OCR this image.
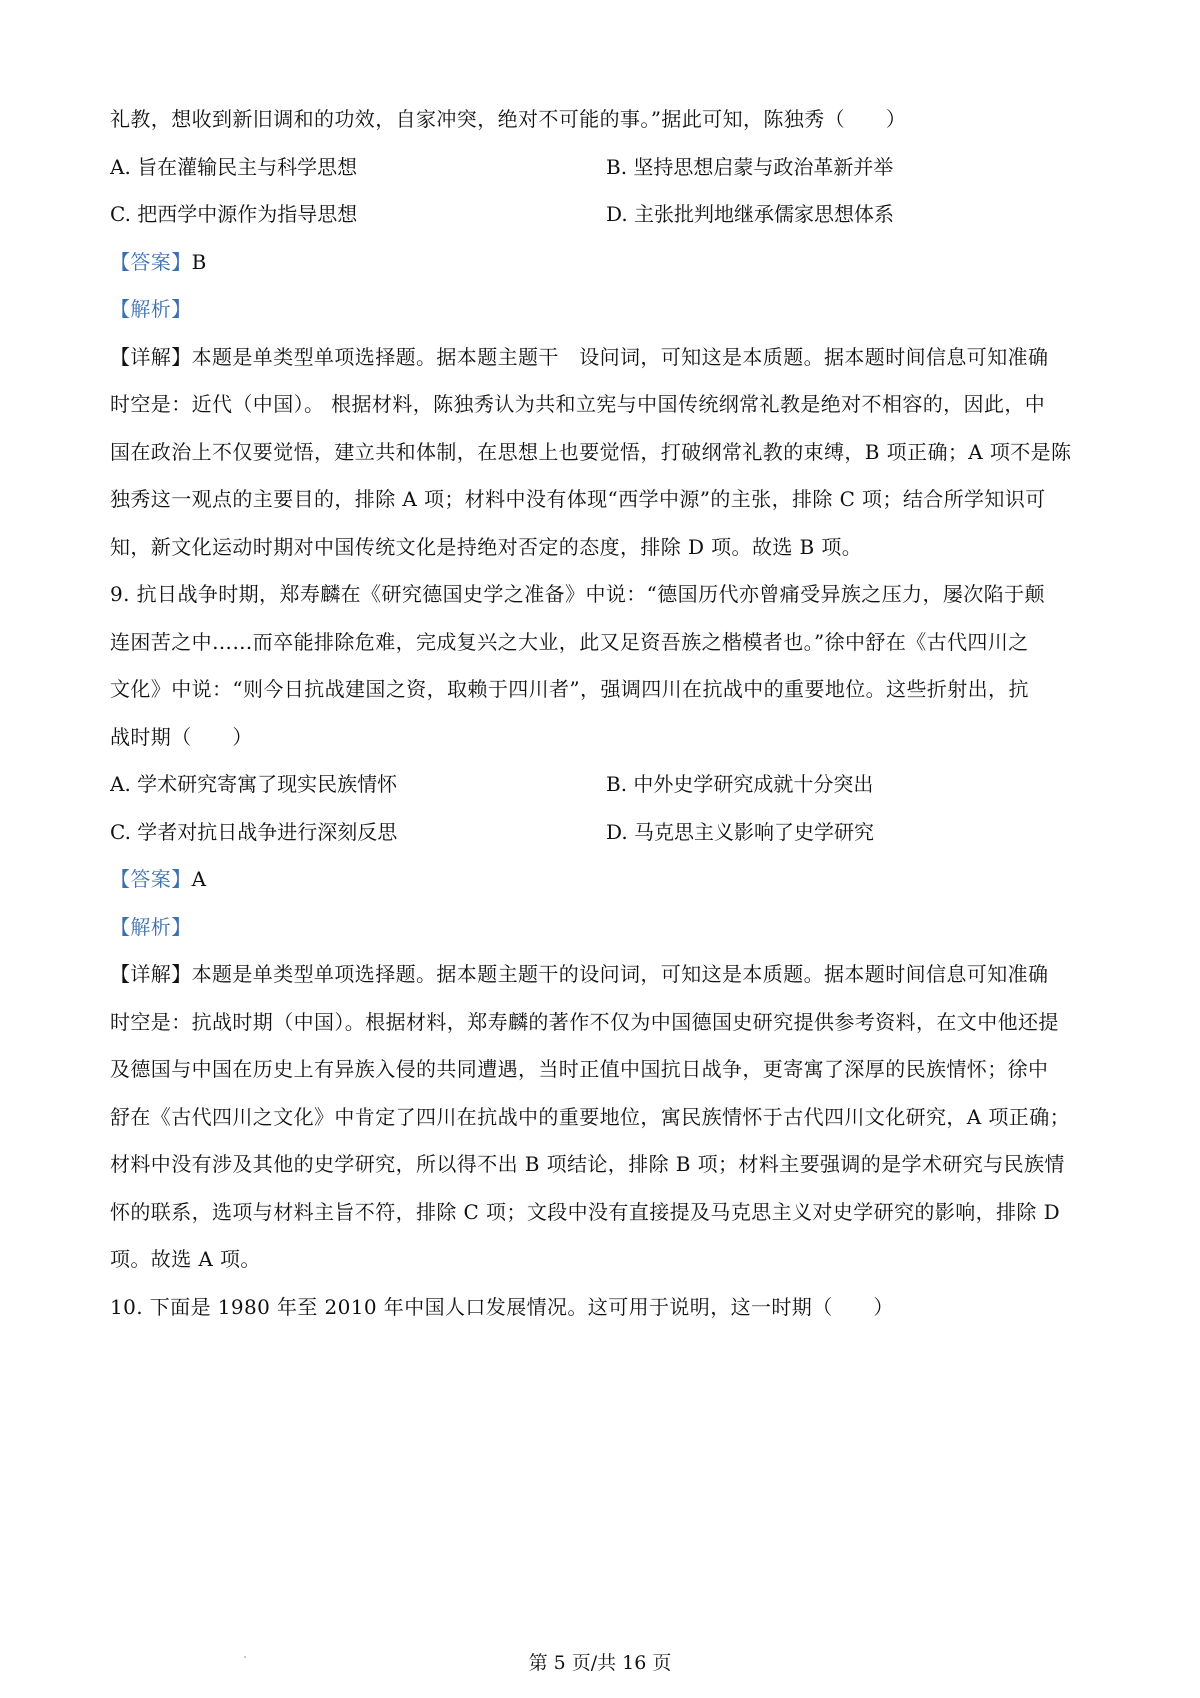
礼教，想收到新旧调和的功效，自家冲突，绝对不可能的事。”据此可知，陈独秀（　　）
A. 旨在灌输民主与科学思想	B. 坚持思想启蒙与政治革新并举
C. 把西学中源作为指导思想	D. 主张批判地继承儒家思想体系
【答案】B
【解析】
【详解】本题是单类型单项选择题。据本题主题干　设问词，可知这是本质题。据本题时间信息可知准确
时空是：近代（中国）。 根据材料，陈独秀认为共和立宪与中国传统纲常礼教是绝对不相容的，因此，中
国在政治上不仅要觉悟，建立共和体制，在思想上也要觉悟，打破纲常礼教的束缚，B 项正确；A 项不是陈
独秀这一观点的主要目的，排除 A 项；材料中没有体现“西学中源”的主张，排除 C 项；结合所学知识可
知，新文化运动时期对中国传统文化是持绝对否定的态度，排除 D 项。故选 B 项。
9. 抗日战争时期，郑寿麟在《研究德国史学之准备》中说：“德国历代亦曾痛受异族之压力，屡次陷于颠
连困苦之中……而卒能排除危难，完成复兴之大业，此又足资吾族之楷模者也。”徐中舒在《古代四川之
文化》中说：“则今日抗战建国之资，取赖于四川者”，强调四川在抗战中的重要地位。这些折射出，抗
战时期（　　）
A. 学术研究寄寓了现实民族情怀	B. 中外史学研究成就十分突出
C. 学者对抗日战争进行深刻反思	D. 马克思主义影响了史学研究
【答案】A
【解析】
【详解】本题是单类型单项选择题。据本题主题干的设问词，可知这是本质题。据本题时间信息可知准确
时空是：抗战时期（中国）。根据材料，郑寿麟的著作不仅为中国德国史研究提供参考资料，在文中他还提
及德国与中国在历史上有异族入侵的共同遭遇，当时正值中国抗日战争，更寄寓了深厚的民族情怀；徐中
舒在《古代四川之文化》中肯定了四川在抗战中的重要地位，寓民族情怀于古代四川文化研究，A 项正确；
材料中没有涉及其他的史学研究，所以得不出 B 项结论，排除 B 项；材料主要强调的是学术研究与民族情
怀的联系，选项与材料主旨不符，排除 C 项；文段中没有直接提及马克思主义对史学研究的影响，排除 D
项。故选 A 项。
10. 下面是 1980 年至 2010 年中国人口发展情况。这可用于说明，这一时期（　　）
第 5 页/共 16 页
